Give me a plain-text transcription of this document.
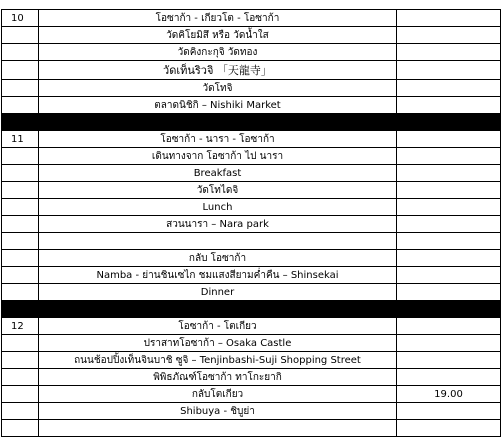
10	โอซาก้า - เกียวโต - โอซาก้า
วัดคิโยมิสึ หรือ วัดน้ำใส
วัดคิงกะกุจิ วัดทอง
วัดเท็นริวจิ 「天龍寺」
วัดโทจิ
ตลาดนิชิกิ – Nishiki Market
11	โอซาก้า - นารา - โอซาก้า
เดินทางจาก โอซาก้า ไป นารา
Breakfast
วัดโทไดจิ
Lunch
สวนนารา – Nara park
กลับ โอซาก้า
Namba - ย่านชินเซไก ชมแสงสียามค่ำคืน – Shinsekai
Dinner
12	โอซาก้า - โตเกียว
ปราสาทโอซาก้า – Osaka Castle
ถนนช้อปปิ้งเท็นจินบาชิ ซูจิ – Tenjinbashi-Suji Shopping Street
พิพิธภัณฑ์โอซาก้า ทาโกะยากิ
กลับโตเกียว	19.00
Shibuya - ชิบูย่า
